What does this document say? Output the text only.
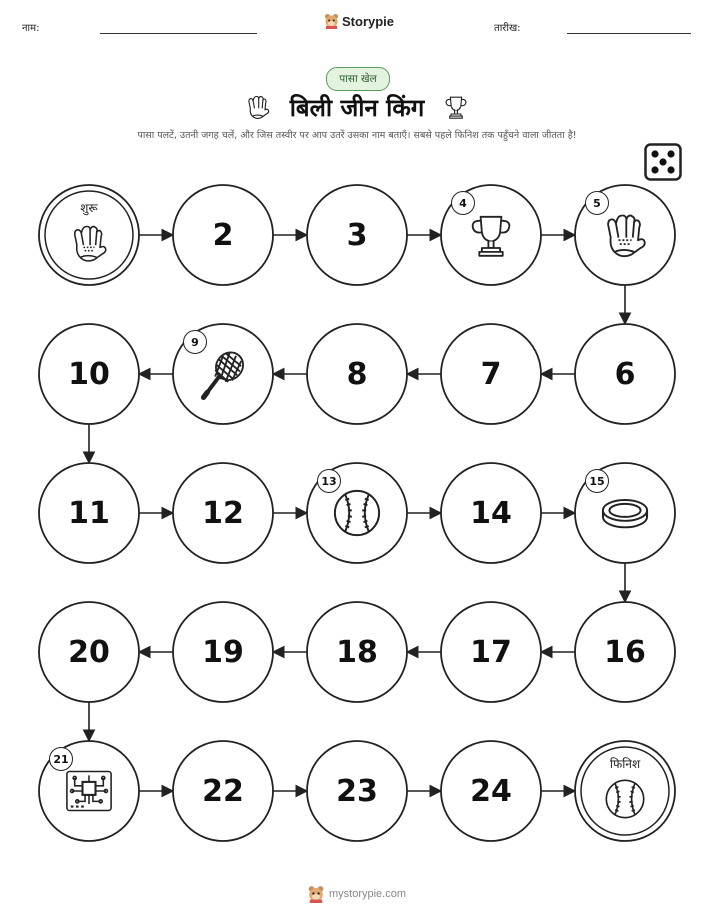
नाम:	Storypie	तारीख:
पासा खेल
बिली जीन किंग
पासा पलटें, उतनी जगह चलें, और जिस तस्वीर पर आप उतरें उसका नाम बताएँ। सबसे पहले फिनिश तक पहुँचने वाला जीतता है!
शुरू
2	3
4	5
6
7
8
9
10
11	12
13
14
15
16
17
18
19
20
21
22	23	24
फिनिश
mystorypie.com
